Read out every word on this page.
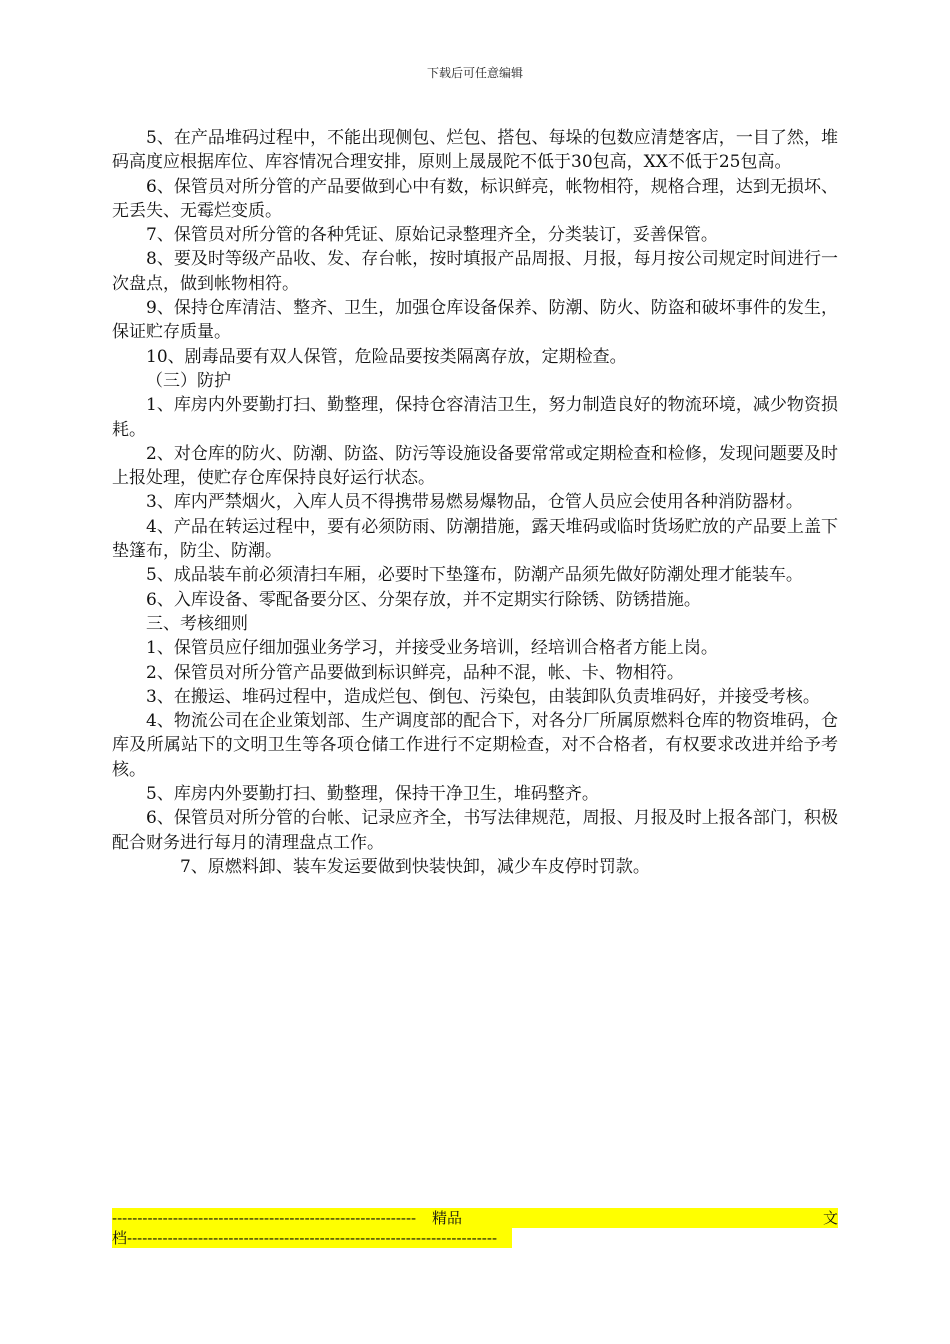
下载后可任意编辑

5、在产品堆码过程中，不能出现侧包、烂包、搭包、每垛的包数应清楚客店，一目了然，堆码高度应根据库位、库容情况合理安排，原则上晟晟陀不低于30包高，XX不低于25包高。

6、保管员对所分管的产品要做到心中有数，标识鲜亮，帐物相符，规格合理，达到无损坏、无丢失、无霉烂变质。

7、保管员对所分管的各种凭证、原始记录整理齐全，分类装订，妥善保管。

8、要及时等级产品收、发、存台帐，按时填报产品周报、月报，每月按公司规定时间进行一次盘点，做到帐物相符。

9、保持仓库清洁、整齐、卫生，加强仓库设备保养、防潮、防火、防盗和破坏事件的发生，保证贮存质量。

10、剧毒品要有双人保管，危险品要按类隔离存放，定期检查。

（三）防护

1、库房内外要勤打扫、勤整理，保持仓容清洁卫生，努力制造良好的物流环境，减少物资损耗。

2、对仓库的防火、防潮、防盗、防污等设施设备要常常或定期检查和检修，发现问题要及时上报处理，使贮存仓库保持良好运行状态。

3、库内严禁烟火，入库人员不得携带易燃易爆物品，仓管人员应会使用各种消防器材。

4、产品在转运过程中，要有必须防雨、防潮措施，露天堆码或临时货场贮放的产品要上盖下垫篷布，防尘、防潮。

5、成品装车前必须清扫车厢，必要时下垫篷布，防潮产品须先做好防潮处理才能装车。

6、入库设备、零配备要分区、分架存放，并不定期实行除锈、防锈措施。

三、考核细则

1、保管员应仔细加强业务学习，并接受业务培训，经培训合格者方能上岗。

2、保管员对所分管产品要做到标识鲜亮，品种不混，帐、卡、物相符。

3、在搬运、堆码过程中，造成烂包、倒包、污染包，由装卸队负责堆码好，并接受考核。

4、物流公司在企业策划部、生产调度部的配合下，对各分厂所属原燃料仓库的物资堆码，仓库及所属站下的文明卫生等各项仓储工作进行不定期检查，对不合格者，有权要求改进并给予考核。

5、库房内外要勤打扫、勤整理，保持干净卫生，堆码整齐。

6、保管员对所分管的台帐、记录应齐全，书写法律规范，周报、月报及时上报各部门，积极配合财务进行每月的清理盘点工作。

7、原燃料卸、装车发运要做到快装快卸，减少车皮停时罚款。

------------------------------------------------------------	精 品	文
档-------------------------------------------------------------------------
